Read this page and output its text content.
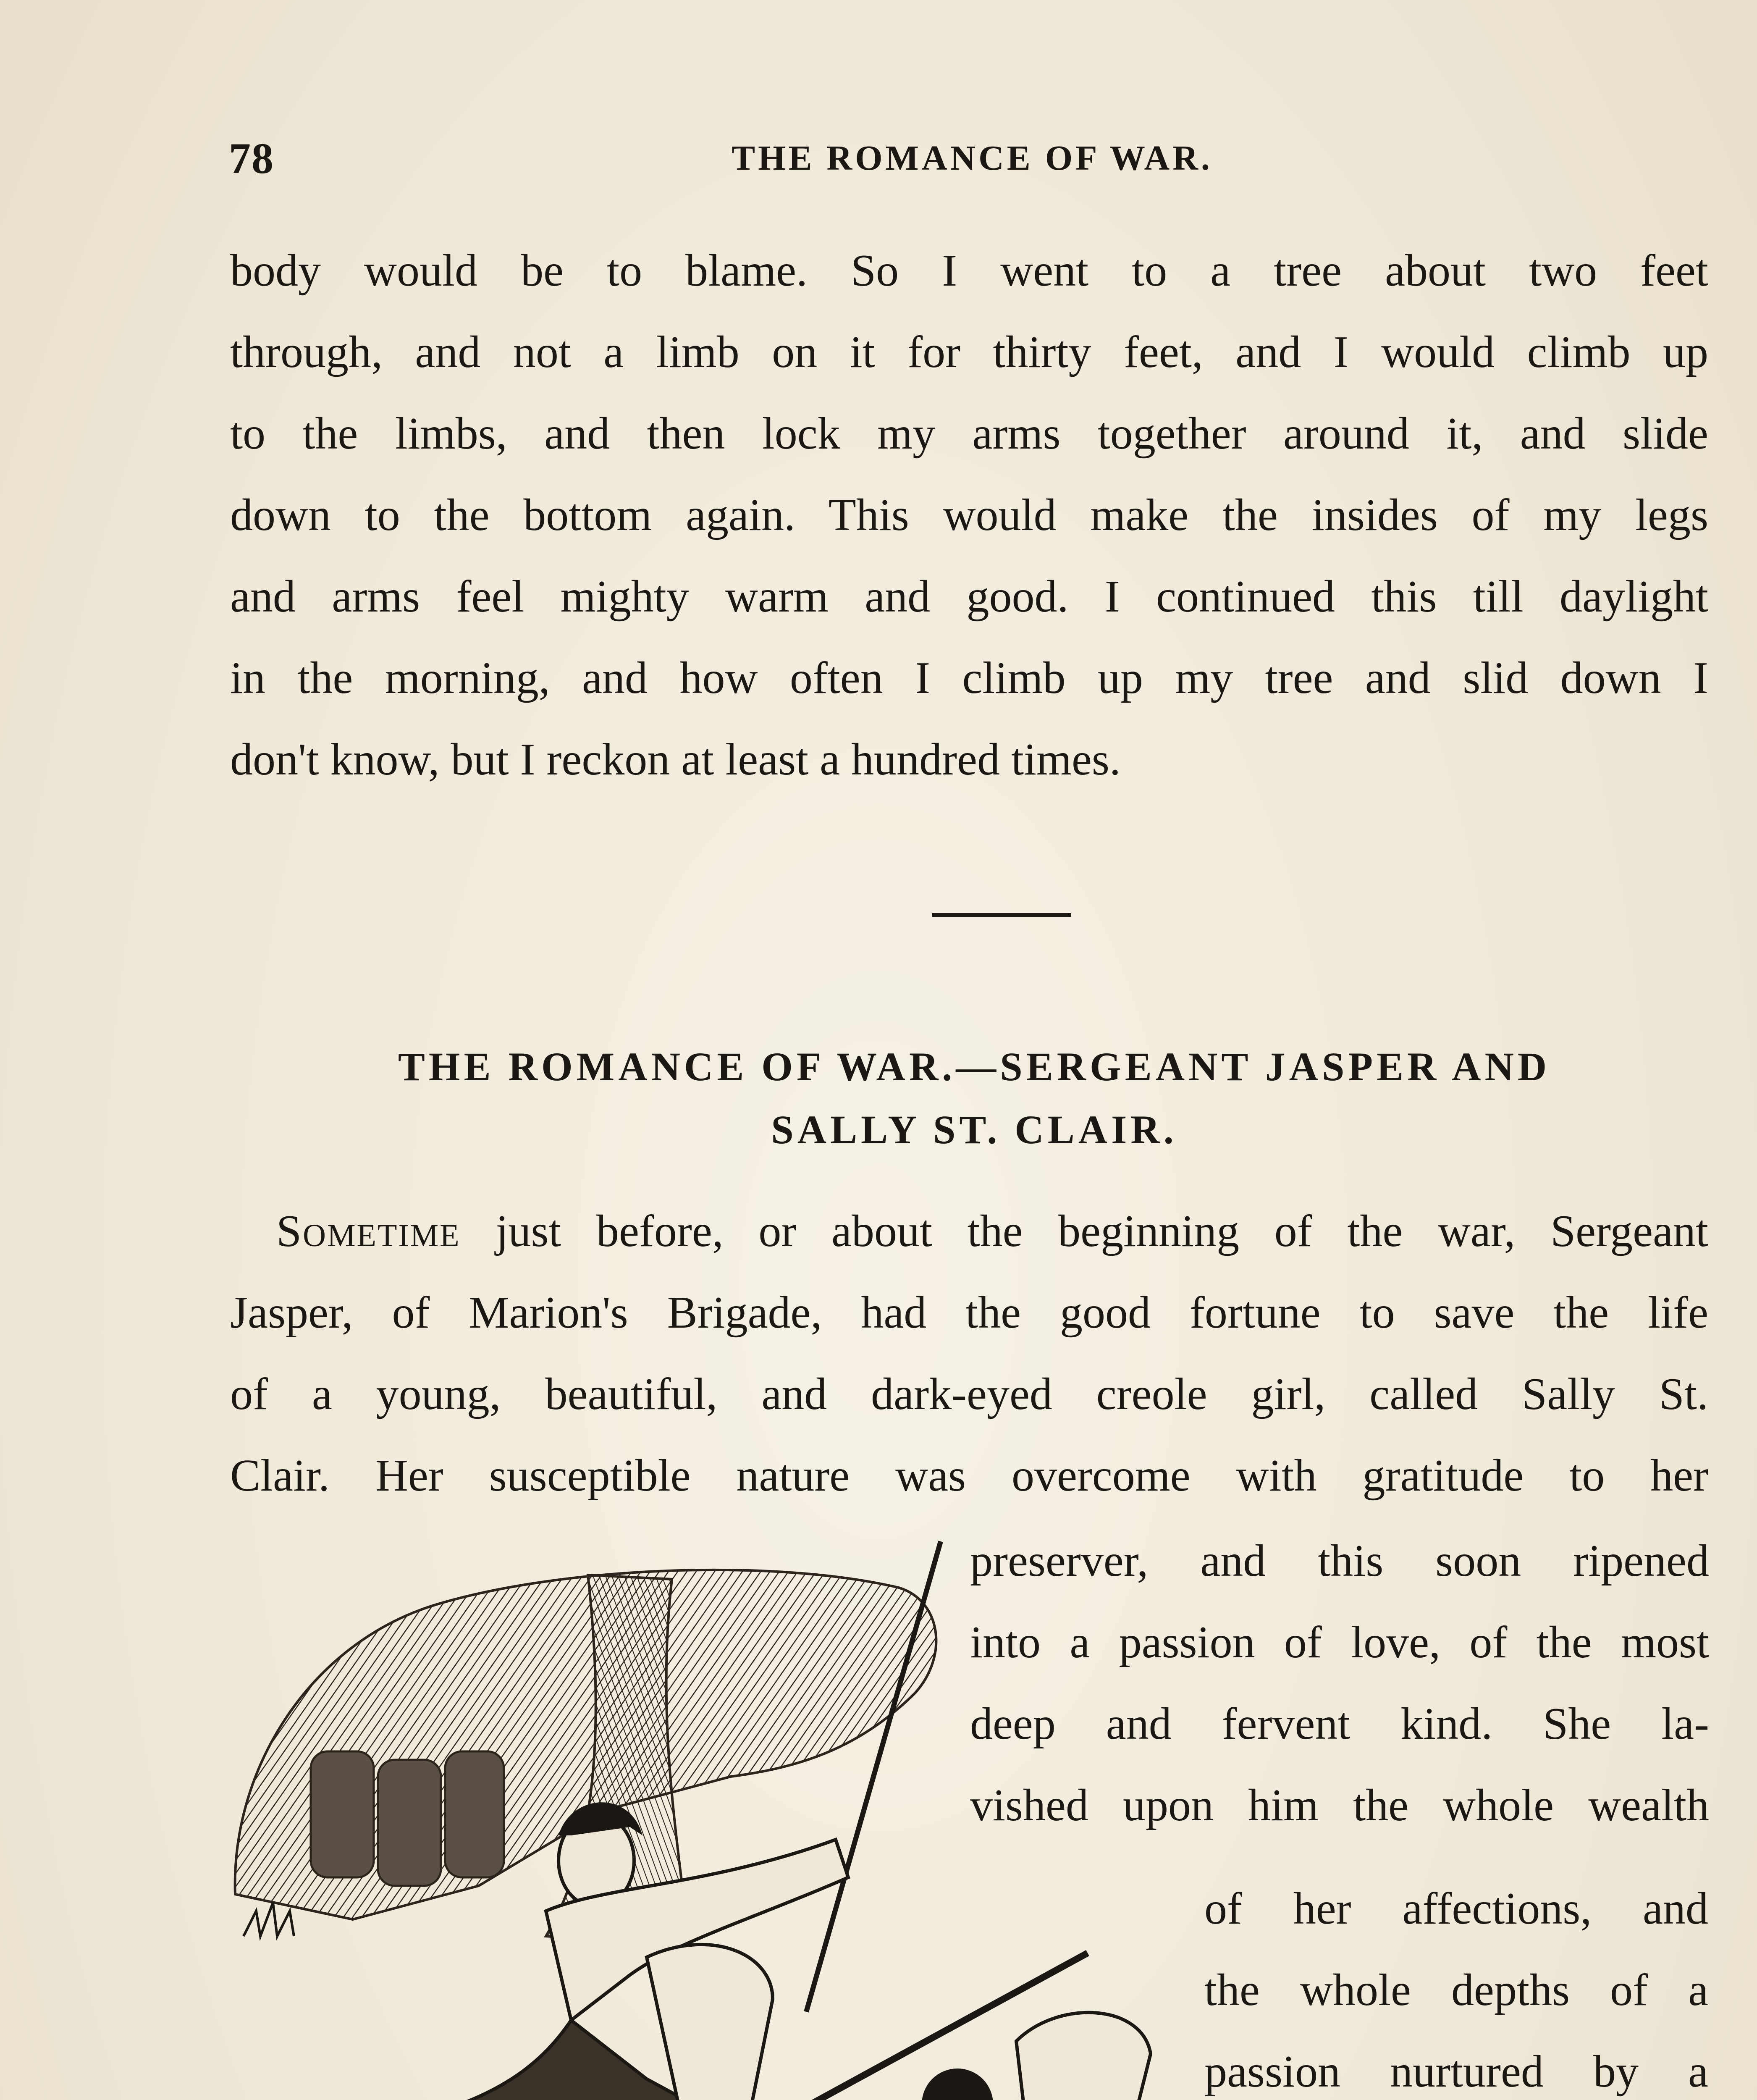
78	THE ROMANCE OF WAR.
body would be to blame. So I went to a tree about two feet
through, and not a limb on it for thirty feet, and I would climb up
to the limbs, and then lock my arms together around it, and slide
down to the bottom again. This would make the insides of my legs
and arms feel mighty warm and good. I continued this till daylight
in the morning, and how often I climb up my tree and slid down I
don't know, but I reckon at least a hundred times.
THE ROMANCE OF WAR.—SERGEANT JASPER AND
SALLY ST. CLAIR.
Sometime just before, or about the beginning of the war, Sergeant
Jasper, of Marion's Brigade, had the good fortune to save the life
of a young, beautiful, and dark-eyed creole girl, called Sally St.
Clair. Her susceptible nature was overcome with gratitude to her
preserver, and this soon ripened
into a passion of love, of the most
deep and fervent kind. She la-
vished upon him the whole wealth
of her affections, and
the whole depths of a
passion nurtured by a
